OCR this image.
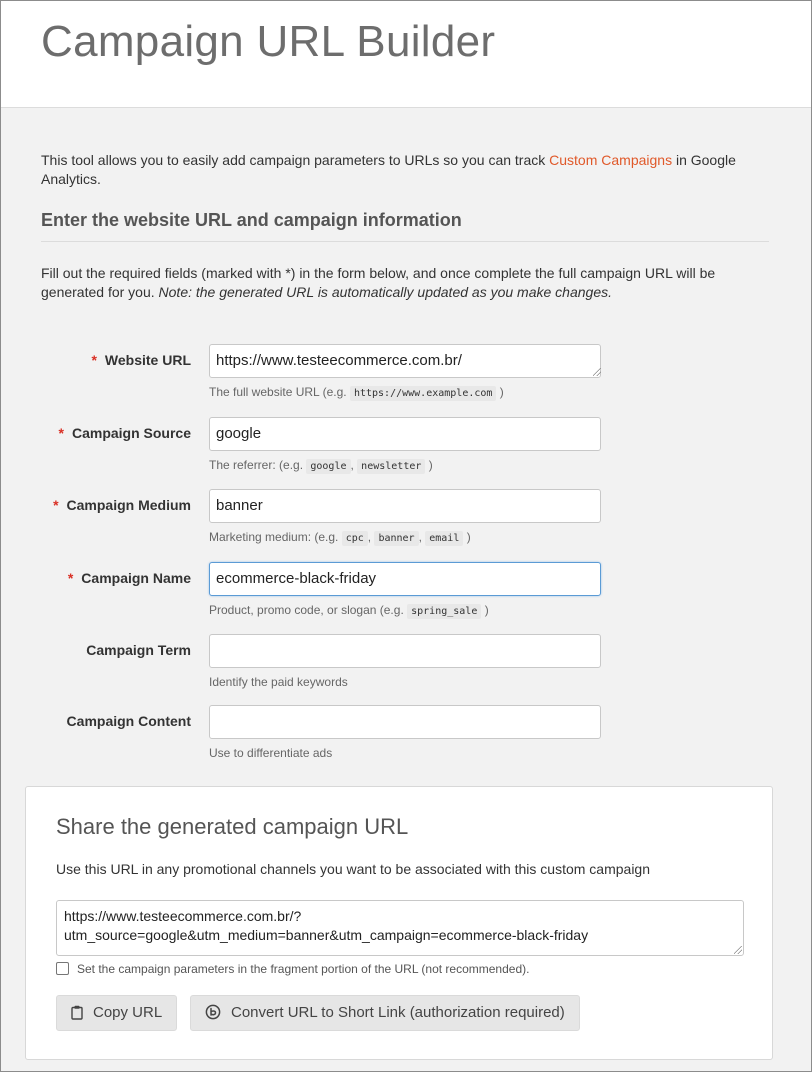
Campaign URL Builder

This tool allows you to easily add campaign parameters to URLs so you can track Custom Campaigns in Google Analytics.

Enter the website URL and campaign information

Fill out the required fields (marked with *) in the form below, and once complete the full campaign URL will be generated for you. Note: the generated URL is automatically updated as you make changes.

* Website URL	https://www.testeecommerce.com.br/
The full website URL (e.g. https://www.example.com )
* Campaign Source	google
The referrer: (e.g. google , newsletter )
* Campaign Medium	banner
Marketing medium: (e.g. cpc , banner , email )
* Campaign Name	ecommerce-black-friday
Product, promo code, or slogan (e.g. spring_sale )
Campaign Term
Identify the paid keywords
Campaign Content
Use to differentiate ads
Share the generated campaign URL

Use this URL in any promotional channels you want to be associated with this custom campaign

https://www.testeecommerce.com.br/?
utm_source=google&utm_medium=banner&utm_campaign=ecommerce-black-friday
Set the campaign parameters in the fragment portion of the URL (not recommended).
Copy URL	Convert URL to Short Link (authorization required)
